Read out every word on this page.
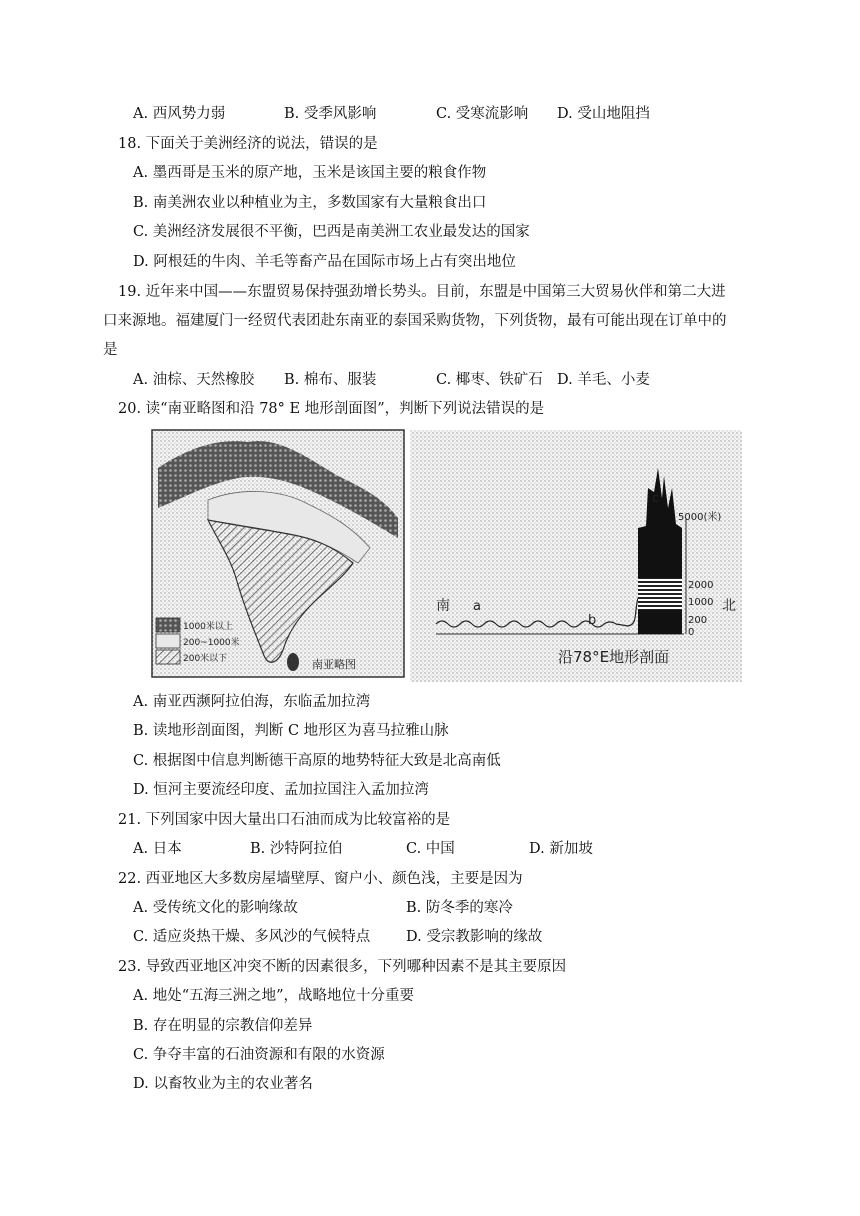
A. 西风势力弱	B. 受季风影响	C. 受寒流影响 D. 受山地阻挡
18. 下面关于美洲经济的说法，错误的是
A. 墨西哥是玉米的原产地，玉米是该国主要的粮食作物
B. 南美洲农业以种植业为主，多数国家有大量粮食出口
C. 美洲经济发展很不平衡，巴西是南美洲工农业最发达的国家
D. 阿根廷的牛肉、羊毛等畜产品在国际市场上占有突出地位
19. 近年来中国——东盟贸易保持强劲增长势头。目前，东盟是中国第三大贸易伙伴和第二大进
口来源地。福建厦门一经贸代表团赴东南亚的泰国采购货物，下列货物，最有可能出现在订单中的
是
A. 油棕、天然橡胶 B. 棉布、服装	C. 椰枣、铁矿石 D. 羊毛、小麦
20. 读“南亚略图和沿 78° E 地形剖面图”，判断下列说法错误的是
1000米以上
200~1000米
200米以下	南亚略图
c
5000(米)
2000
1000
200
0
北
南 a
b
沿78°E地形剖面
A. 南亚西濒阿拉伯海，东临孟加拉湾
B. 读地形剖面图，判断 C 地形区为喜马拉雅山脉
C. 根据图中信息判断德干高原的地势特征大致是北高南低
D. 恒河主要流经印度、孟加拉国注入孟加拉湾
21. 下列国家中因大量出口石油而成为比较富裕的是
A. 日本	B. 沙特阿拉伯	C. 中国	D. 新加坡
22. 西亚地区大多数房屋墙壁厚、窗户小、颜色浅，主要是因为
A. 受传统文化的影响缘故	B. 防冬季的寒冷
C. 适应炎热干燥、多风沙的气候特点 D. 受宗教影响的缘故
23. 导致西亚地区冲突不断的因素很多，下列哪种因素不是其主要原因
A. 地处“五海三洲之地”，战略地位十分重要
B. 存在明显的宗教信仰差异
C. 争夺丰富的石油资源和有限的水资源
D. 以畜牧业为主的农业著名
